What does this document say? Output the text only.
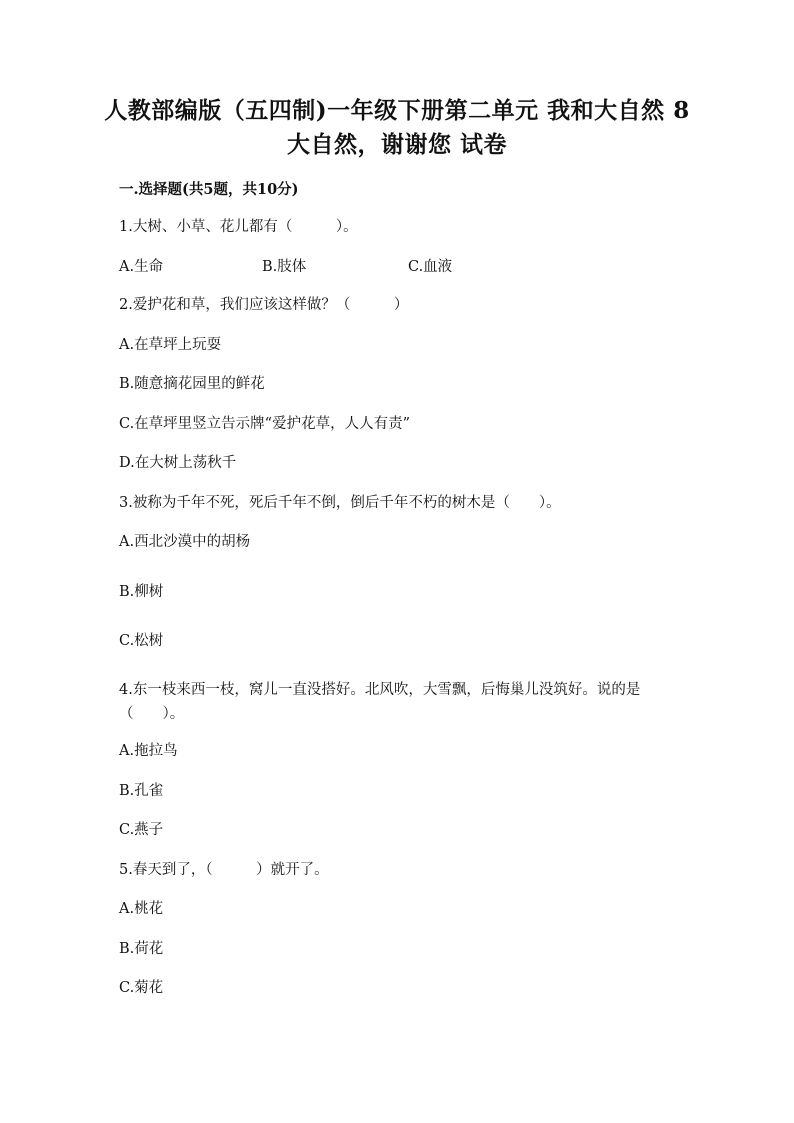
人教部编版（五四制)一年级下册第二单元 我和大自然 8 大自然，谢谢您 试卷
一.选择题(共5题，共10分)
1.大树、小草、花儿都有（　　　）。
A.生命	B.肢体	C.血液
2.爱护花和草，我们应该这样做？（　　　）
A.在草坪上玩耍
B.随意摘花园里的鲜花
C.在草坪里竖立告示牌“爱护花草，人人有责”
D.在大树上荡秋千
3.被称为千年不死，死后千年不倒，倒后千年不朽的树木是（　　）。
A.西北沙漠中的胡杨
B.柳树
C.松树
4.东一枝来西一枝，窝儿一直没搭好。北风吹，大雪飘，后悔巢儿没筑好。说的是（　　）。
A.拖拉鸟
B.孔雀
C.燕子
5.春天到了，（　　　）就开了。
A.桃花
B.荷花
C.菊花
